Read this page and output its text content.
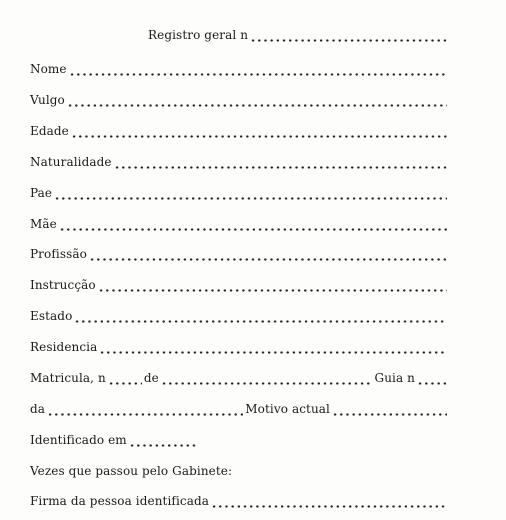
Registro geral n
Nome
Vulgo
Edade
Naturalidade
Pae
Mãe
Profissão
Instrucção
Estado
Residencia
Matricula, n	de	Guia n
da	Motivo actual
Identificado em
Vezes que passou pelo Gabinete:
Firma da pessoa identificada
